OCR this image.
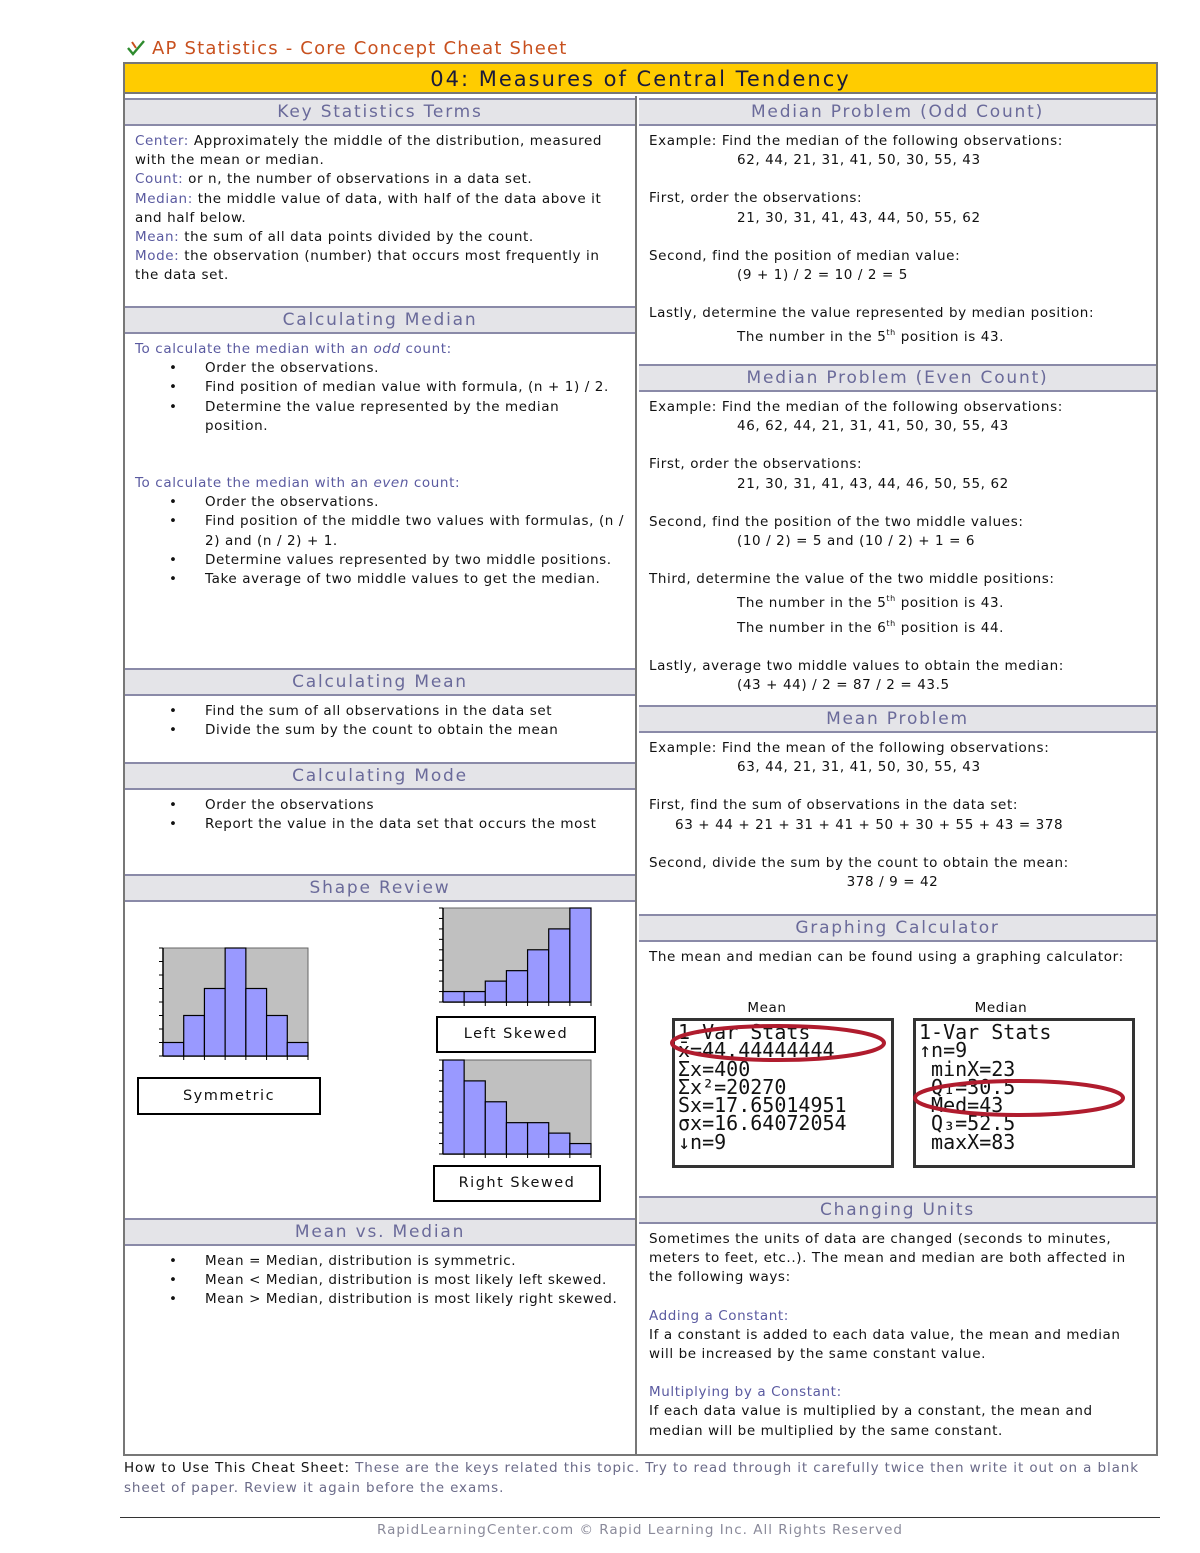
AP Statistics - Core Concept Cheat Sheet
04: Measures of Central Tendency
Key Statistics Terms
Center: Approximately the middle of the distribution, measured with the mean or median.
Count: or n, the number of observations in a data set.
Median: the middle value of data, with half of the data above it and half below.
Mean: the sum of all data points divided by the count.
Mode: the observation (number) that occurs most frequently in the data set.
Calculating Median
To calculate the median with an odd count:
• Order the observations.
• Find position of median value with formula, (n + 1) / 2.
• Determine the value represented by the median position.
To calculate the median with an even count:
• Order the observations.
• Find position of the middle two values with formulas, (n / 2) and (n / 2) + 1.
• Determine values represented by two middle positions.
• Take average of two middle values to get the median.
Calculating Mean
• Find the sum of all observations in the data set
• Divide the sum by the count to obtain the mean
Calculating Mode
• Order the observations
• Report the value in the data set that occurs the most
Shape Review
Symmetric
Left Skewed
Right Skewed
Mean vs. Median
• Mean = Median, distribution is symmetric.
• Mean < Median, distribution is most likely left skewed.
• Mean > Median, distribution is most likely right skewed.
Median Problem (Odd Count)
Example: Find the median of the following observations:
62, 44, 21, 31, 41, 50, 30, 55, 43
First, order the observations:
21, 30, 31, 41, 43, 44, 50, 55, 62
Second, find the position of median value:
(9 + 1) / 2 = 10 / 2 = 5
Lastly, determine the value represented by median position:
The number in the 5th position is 43.
Median Problem (Even Count)
Example: Find the median of the following observations:
46, 62, 44, 21, 31, 41, 50, 30, 55, 43
First, order the observations:
21, 30, 31, 41, 43, 44, 46, 50, 55, 62
Second, find the position of the two middle values:
(10 / 2) = 5 and (10 / 2) + 1 = 6
Third, determine the value of the two middle positions:
The number in the 5th position is 43.
The number in the 6th position is 44.
Lastly, average two middle values to obtain the median:
(43 + 44) / 2 = 87 / 2 = 43.5
Mean Problem
Example: Find the mean of the following observations:
63, 44, 21, 31, 41, 50, 30, 55, 43
First, find the sum of observations in the data set:
63 + 44 + 21 + 31 + 41 + 50 + 30 + 55 + 43 = 378
Second, divide the sum by the count to obtain the mean:
378 / 9 = 42
Graphing Calculator
The mean and median can be found using a graphing calculator:
Mean	Median
1-Var Stats
x̄=44.44444444
Σx=400
Σx²=20270
Sx=17.65014951
σx=16.64072054
↓n=9
1-Var Stats
↑n=9
minX=23
Q₁=30.5
Med=43
Q₃=52.5
maxX=83
Changing Units
Sometimes the units of data are changed (seconds to minutes, meters to feet, etc..). The mean and median are both affected in the following ways:
Adding a Constant:
If a constant is added to each data value, the mean and median will be increased by the same constant value.
Multiplying by a Constant:
If each data value is multiplied by a constant, the mean and median will be multiplied by the same constant.
How to Use This Cheat Sheet: These are the keys related this topic. Try to read through it carefully twice then write it out on a blank sheet of paper. Review it again before the exams.
RapidLearningCenter.com © Rapid Learning Inc. All Rights Reserved
